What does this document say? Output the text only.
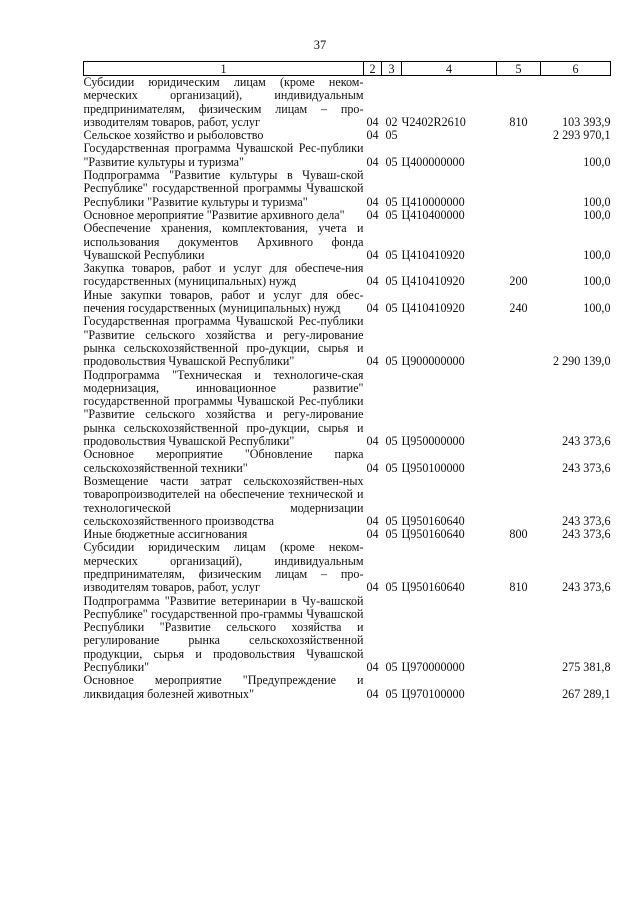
37
1	2	3	4	5	6
Субсидии юридическим лицам (кроме неком-мерческих организаций), индивидуальным предпринимателям, физическим лицам – про-изводителям товаров, работ, услуг	04	02	Ч2402R2610	810	103 393,9
Сельское хозяйство и рыболовство	04	05			2 293 970,1
Государственная программа Чувашской Рес-публики "Развитие культуры и туризма"	04	05	Ц400000000		100,0
Подпрограмма "Развитие культуры в Чуваш-ской Республике" государственной программы Чувашской Республики "Развитие культуры и туризма"	04	05	Ц410000000		100,0
Основное мероприятие "Развитие архивного дела"	04	05	Ц410400000		100,0
Обеспечение хранения, комплектования, учета и использования документов Архивного фонда Чувашской Республики	04	05	Ц410410920		100,0
Закупка товаров, работ и услуг для обеспече-ния государственных (муниципальных) нужд	04	05	Ц410410920	200	100,0
Иные закупки товаров, работ и услуг для обес-печения государственных (муниципальных) нужд	04	05	Ц410410920	240	100,0
Государственная программа Чувашской Рес-публики "Развитие сельского хозяйства и регу-лирование рынка сельскохозяйственной про-дукции, сырья и продовольствия Чувашской Республики"	04	05	Ц900000000		2 290 139,0
Подпрограмма "Техническая и технологиче-ская модернизация, инновационное развитие" государственной программы Чувашской Рес-публики "Развитие сельского хозяйства и регу-лирование рынка сельскохозяйственной про-дукции, сырья и продовольствия Чувашской Республики"	04	05	Ц950000000		243 373,6
Основное мероприятие "Обновление парка сельскохозяйственной техники"	04	05	Ц950100000		243 373,6
Возмещение части затрат сельскохозяйствен-ных товаропроизводителей на обеспечение технической и технологической модернизации сельскохозяйственного производства	04	05	Ц950160640		243 373,6
Иные бюджетные ассигнования	04	05	Ц950160640	800	243 373,6
Субсидии юридическим лицам (кроме неком-мерческих организаций), индивидуальным предпринимателям, физическим лицам – про-изводителям товаров, работ, услуг	04	05	Ц950160640	810	243 373,6
Подпрограмма "Развитие ветеринарии в Чу-вашской Республике" государственной про-граммы Чувашской Республики "Развитие сельского хозяйства и регулирование рынка сельскохозяйственной продукции, сырья и продовольствия Чувашской Республики"	04	05	Ц970000000		275 381,8
Основное мероприятие "Предупреждение и ликвидация болезней животных"	04	05	Ц970100000		267 289,1
